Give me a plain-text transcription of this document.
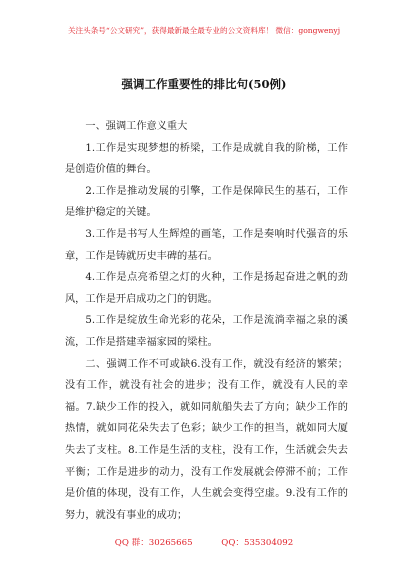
关注头条号“公文研究”，获得最新最全最专业的公文资料库！ 微信：gongwenyj
强调工作重要性的排比句(50例)

一、强调工作意义重大

1.工作是实现梦想的桥梁，工作是成就自我的阶梯，工作是创造价值的舞台。

2.工作是推动发展的引擎，工作是保障民生的基石，工作是维护稳定的关键。

3.工作是书写人生辉煌的画笔，工作是奏响时代强音的乐章，工作是铸就历史丰碑的基石。

4.工作是点亮希望之灯的火种，工作是扬起奋进之帆的劲风，工作是开启成功之门的钥匙。

5.工作是绽放生命光彩的花朵，工作是流淌幸福之泉的溪流，工作是搭建幸福家园的梁柱。

二、强调工作不可或缺6.没有工作，就没有经济的繁荣；没有工作，就没有社会的进步；没有工作，就没有人民的幸福。7.缺少工作的投入，就如同航船失去了方向；缺少工作的热情，就如同花朵失去了色彩；缺少工作的担当，就如同大厦失去了支柱。8.工作是生活的支柱，没有工作，生活就会失去平衡；工作是进步的动力，没有工作发展就会停滞不前；工作是价值的体现，没有工作，人生就会变得空虚。9.没有工作的努力，就没有事业的成功；

QQ 群：30265665	QQ：535304092
